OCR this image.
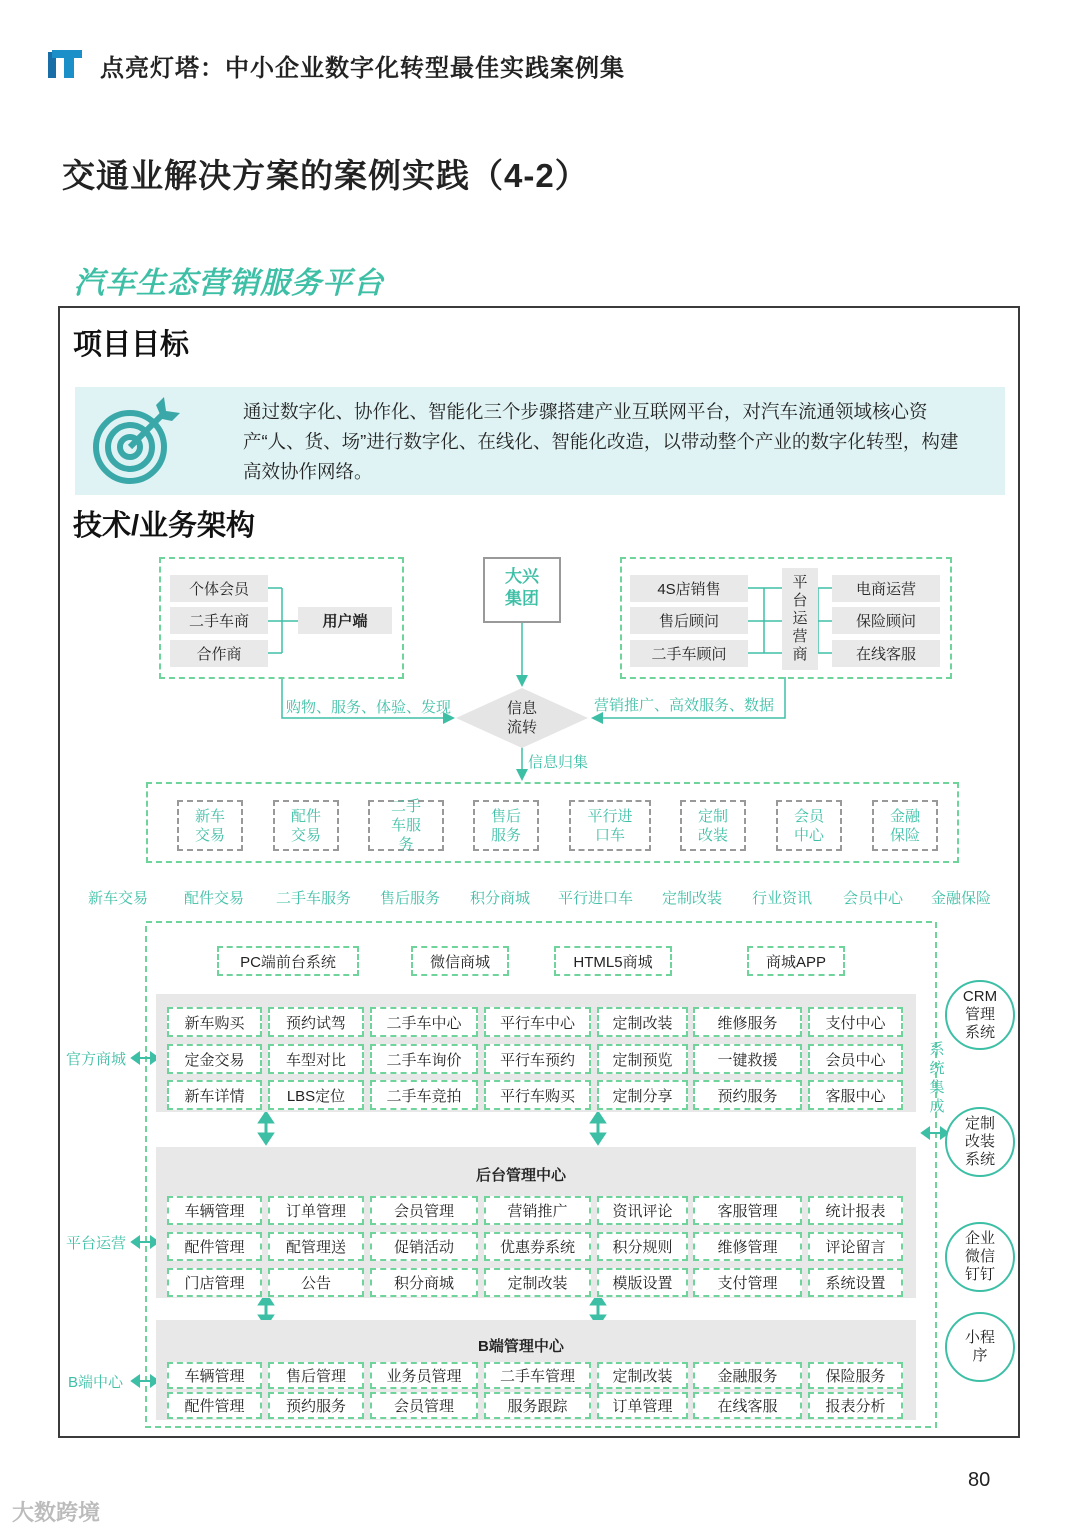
点亮灯塔：中小企业数字化转型最佳实践案例集
交通业解决方案的案例实践（4-2）
汽车生态营销服务平台
项目目标
通过数字化、协作化、智能化三个步骤搭建产业互联网平台，对汽车流通领域核心资产“人、货、场”进行数字化、在线化、智能化改造，以带动整个产业的数字化转型，构建高效协作网络。
技术/业务架构
个体会员
二手车商
合作商
用户端
大兴集团	4S店销售
售后顾问
二手车顾问
平台运营商
电商运营
保险顾问
在线客服
购物、服务、体验、发现	营销推广、高效服务、数据
信息流转
信息归集
新车交易
配件交易
二手车服务
售后服务
平行进口车
定制改装
会员中心
金融保险
新车交易 配件交易 二手车服务 售后服务 积分商城 平行进口车 定制改装 行业资讯 会员中心 金融保险
PC端前台系统	微信商城	HTML5商城	商城APP
后台管理中心
B端管理中心
新车购买	预约试驾	二手车中心	平行车中心	定制改装	维修服务	支付中心
定金交易	车型对比	二手车询价	平行车预约	定制预览	一键救援	会员中心
新车详情	LBS定位	二手车竞拍	平行车购买	定制分享	预约服务	客服中心
车辆管理	订单管理	会员管理	营销推广	资讯评论	客服管理	统计报表
配件管理	配管理送	促销活动	优惠券系统	积分规则	维修管理	评论留言
门店管理	公告	积分商城	定制改装	模版设置	支付管理	系统设置
车辆管理	售后管理	业务员管理	二手车管理	定制改装	金融服务	保险服务
配件管理	预约服务	会员管理	服务跟踪	订单管理	在线客服	报表分析
官方商城
平台运营
B端中心
系统集成
CRM管理系统
定制改装系统
企业微信钉钉
小程序
80
大数跨境
